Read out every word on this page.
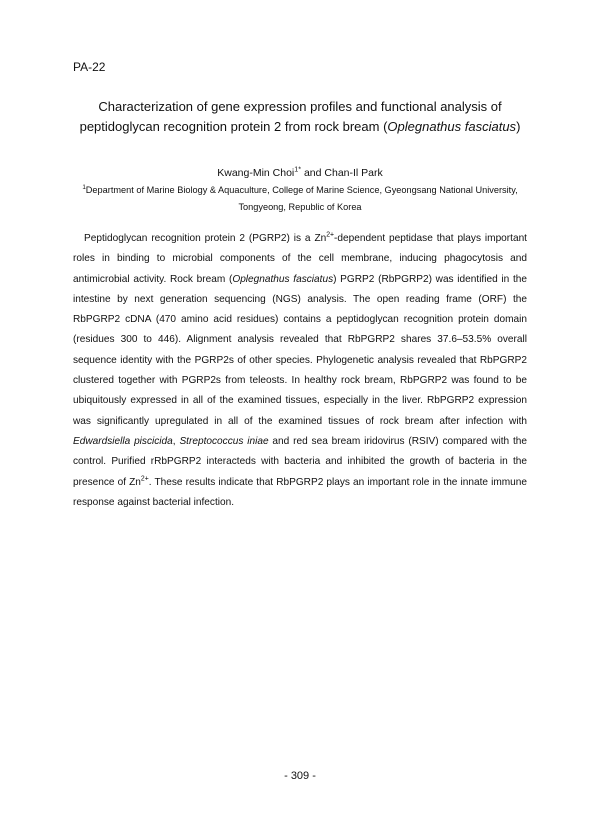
PA-22
Characterization of gene expression profiles and functional analysis of peptidoglycan recognition protein 2 from rock bream (Oplegnathus fasciatus)
Kwang-Min Choi$^{1*}$ and Chan-Il Park
$^1$Department of Marine Biology & Aquaculture, College of Marine Science, Gyeongsang National University,
Tongyeong, Republic of Korea

Peptidoglycan recognition protein 2 (PGRP2) is a $Zn^{2+}$-dependent peptidase that plays important roles in binding to microbial components of the cell membrane, inducing phagocytosis and antimicrobial activity. Rock bream (Oplegnathus fasciatus) PGRP2 (RbPGRP2) was identified in the intestine by next generation sequencing (NGS) analysis. The open reading frame (ORF) the RbPGRP2 cDNA (470 amino acid residues) contains a peptidoglycan recognition protein domain (residues 300 to 446). Alignment analysis revealed that RbPGRP2 shares 37.6–53.5% overall sequence identity with the PGRP2s of other species. Phylogenetic analysis revealed that RbPGRP2 clustered together with PGRP2s from teleosts. In healthy rock bream, RbPGRP2 was found to be ubiquitously expressed in all of the examined tissues, especially in the liver. RbPGRP2 expression was significantly upregulated in all of the examined tissues of rock bream after infection with Edwardsiella piscicida, Streptococcus iniae and red sea bream iridovirus (RSIV) compared with the control. Purified rRbPGRP2 interacteds with bacteria and inhibited the growth of bacteria in the presence of $Zn^{2+}$. These results indicate that RbPGRP2 plays an important role in the innate immune response against bacterial infection.

- 309 -
